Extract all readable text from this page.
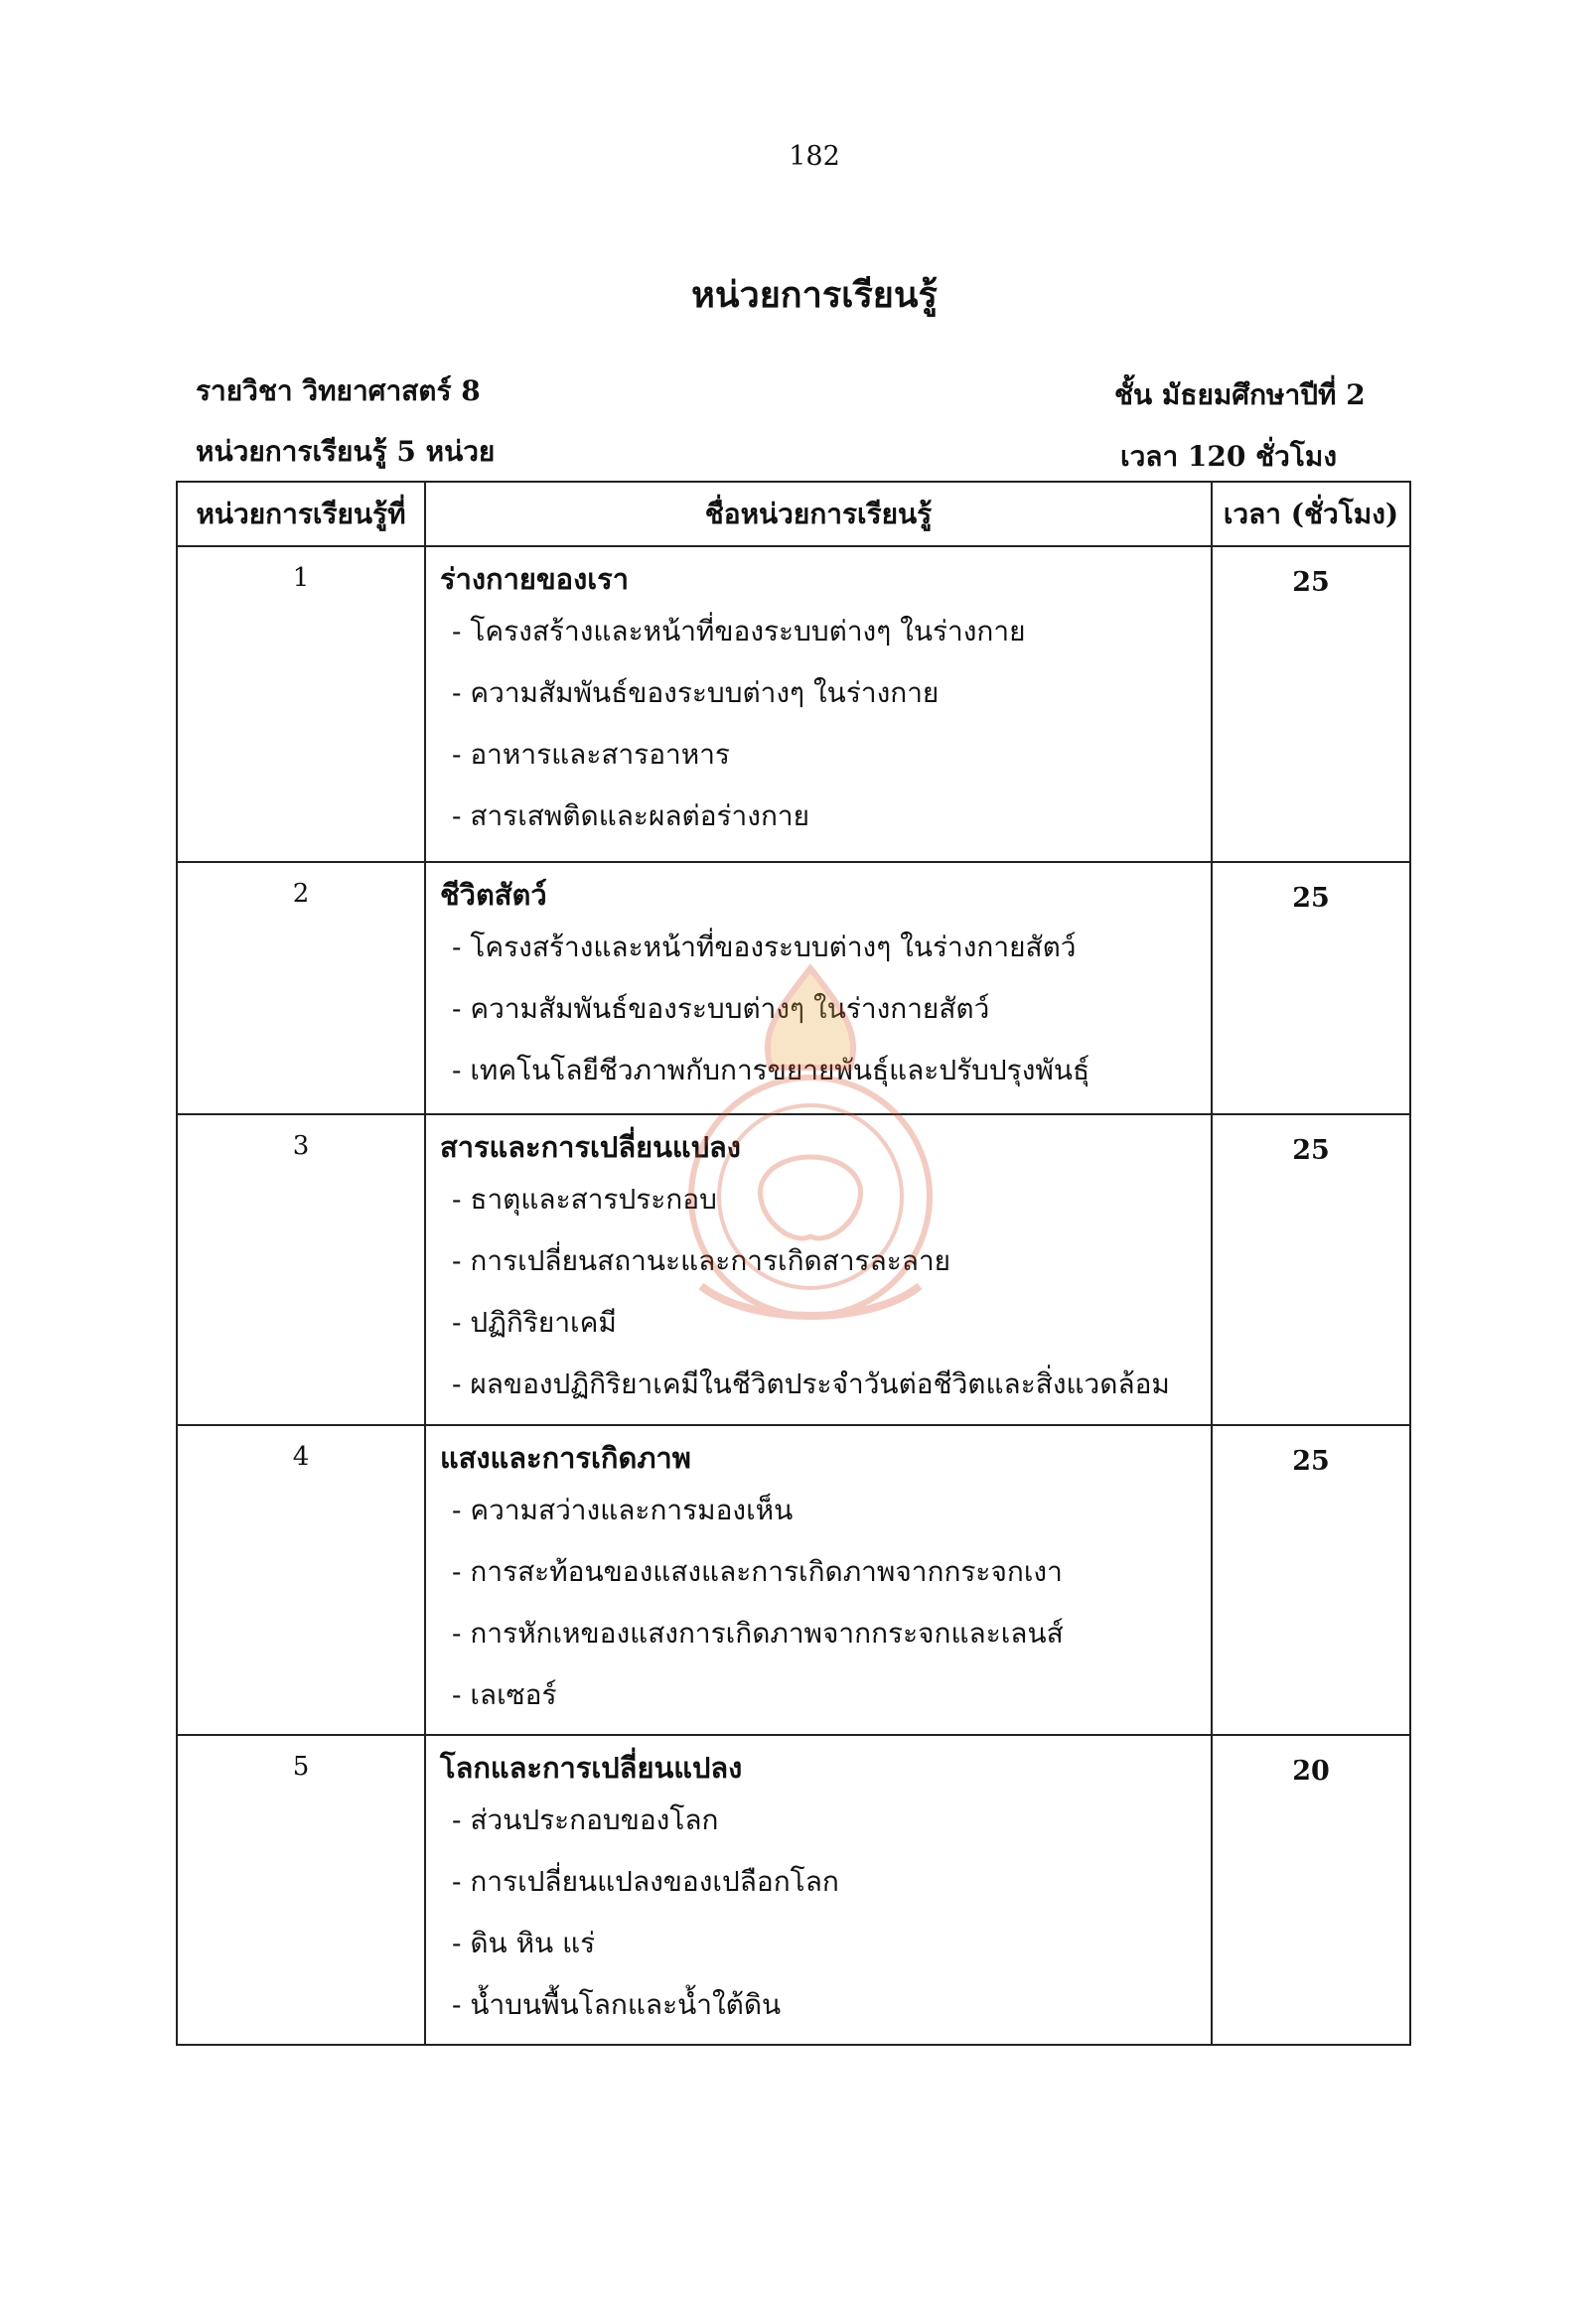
182
หน่วยการเรียนรู้
รายวิชา วิทยาศาสตร์ 8
หน่วยการเรียนรู้ 5 หน่วย
ชั้น มัธยมศึกษาปีที่ 2
เวลา 120 ชั่วโมง
หน่วยการเรียนรู้ที่	ชื่อหน่วยการเรียนรู้	เวลา (ชั่วโมง)
1	ร่างกายของเรา
- โครงสร้างและหน้าที่ของระบบต่างๆ ในร่างกาย
- ความสัมพันธ์ของระบบต่างๆ ในร่างกาย
- อาหารและสารอาหาร
- สารเสพติดและผลต่อร่างกาย	25
2	ชีวิตสัตว์
- โครงสร้างและหน้าที่ของระบบต่างๆ ในร่างกายสัตว์
- ความสัมพันธ์ของระบบต่างๆ ในร่างกายสัตว์
- เทคโนโลยีชีวภาพกับการขยายพันธุ์และปรับปรุงพันธุ์	25
3	สารและการเปลี่ยนแปลง
- ธาตุและสารประกอบ
- การเปลี่ยนสถานะและการเกิดสารละลาย
- ปฏิกิริยาเคมี
- ผลของปฏิกิริยาเคมีในชีวิตประจำวันต่อชีวิตและสิ่งแวดล้อม	25
4	แสงและการเกิดภาพ
- ความสว่างและการมองเห็น
- การสะท้อนของแสงและการเกิดภาพจากกระจกเงา
- การหักเหของแสงการเกิดภาพจากกระจกและเลนส์
- เลเซอร์	25
5	โลกและการเปลี่ยนแปลง
- ส่วนประกอบของโลก
- การเปลี่ยนแปลงของเปลือกโลก
- ดิน หิน แร่
- น้ำบนพื้นโลกและน้ำใต้ดิน	20
